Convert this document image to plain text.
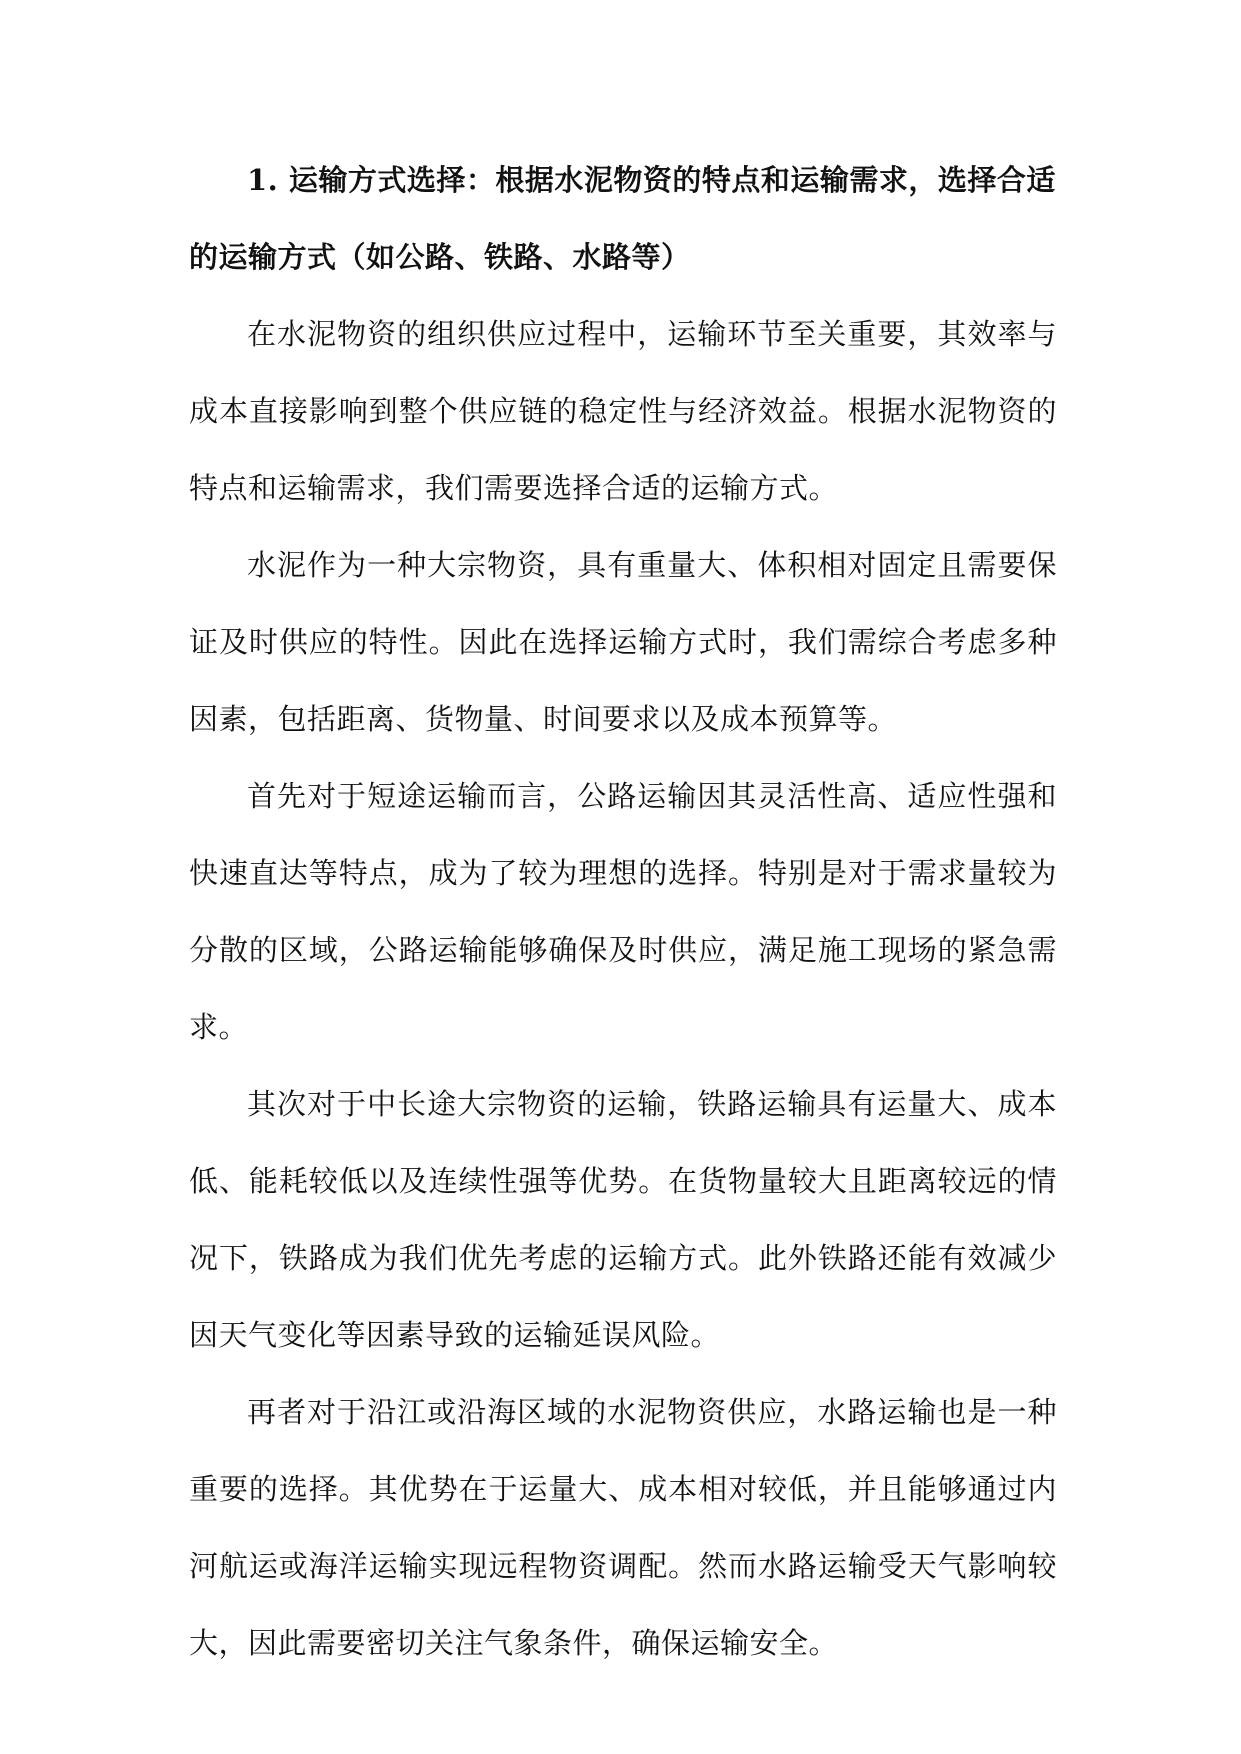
1. 运输方式选择：根据水泥物资的特点和运输需求，选择合适的运输方式（如公路、铁路、水路等）

在水泥物资的组织供应过程中，运输环节至关重要，其效率与成本直接影响到整个供应链的稳定性与经济效益。根据水泥物资的特点和运输需求，我们需要选择合适的运输方式。

水泥作为一种大宗物资，具有重量大、体积相对固定且需要保证及时供应的特性。因此在选择运输方式时，我们需综合考虑多种因素，包括距离、货物量、时间要求以及成本预算等。

首先对于短途运输而言，公路运输因其灵活性高、适应性强和快速直达等特点，成为了较为理想的选择。特别是对于需求量较为分散的区域，公路运输能够确保及时供应，满足施工现场的紧急需求。

其次对于中长途大宗物资的运输，铁路运输具有运量大、成本低、能耗较低以及连续性强等优势。在货物量较大且距离较远的情况下，铁路成为我们优先考虑的运输方式。此外铁路还能有效减少因天气变化等因素导致的运输延误风险。

再者对于沿江或沿海区域的水泥物资供应，水路运输也是一种重要的选择。其优势在于运量大、成本相对较低，并且能够通过内河航运或海洋运输实现远程物资调配。然而水路运输受天气影响较大，因此需要密切关注气象条件，确保运输安全。
